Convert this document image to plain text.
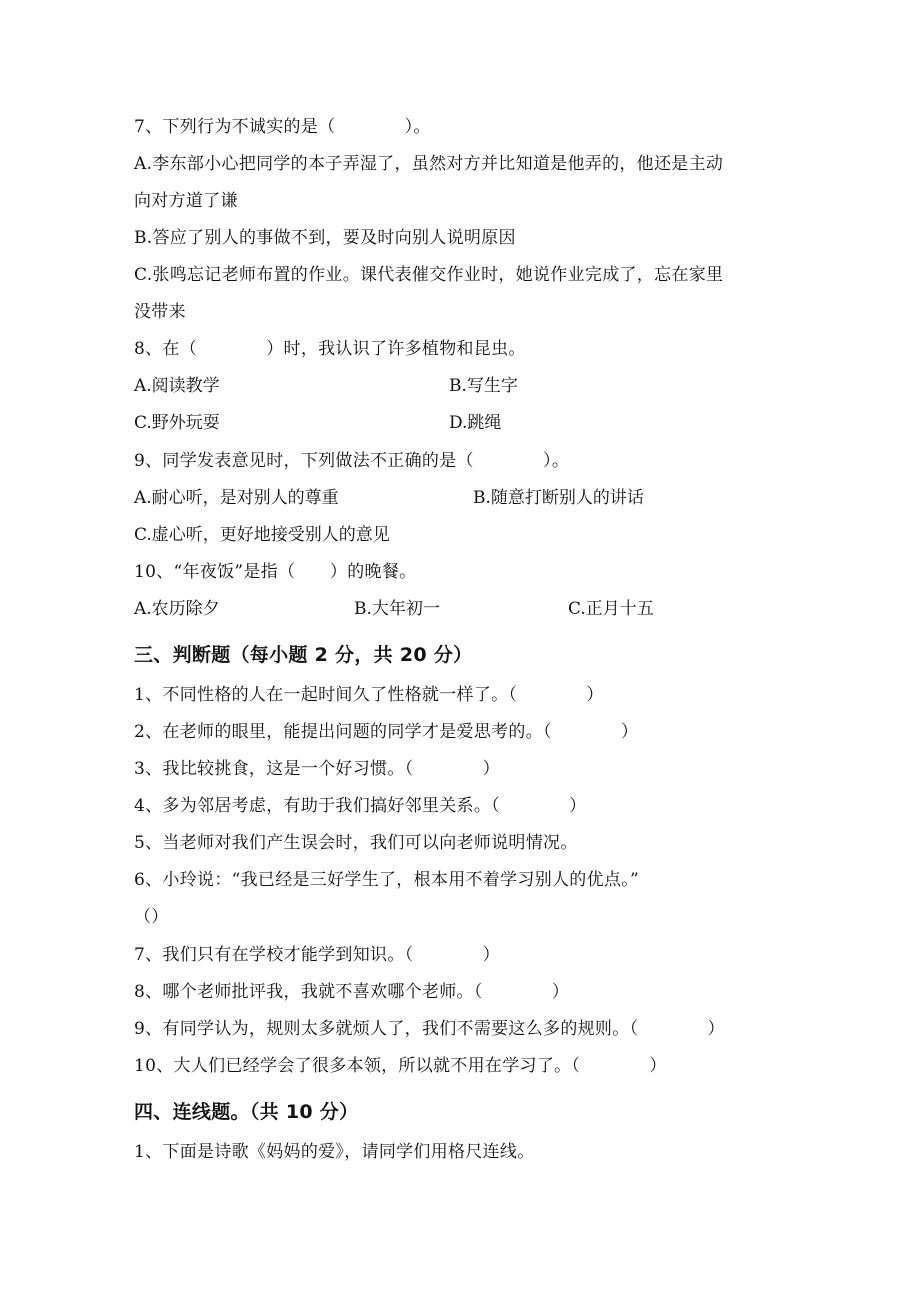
7、下列行为不诚实的是（　　　　）。
A.李东部小心把同学的本子弄湿了，虽然对方并比知道是他弄的，他还是主动
向对方道了谦
B.答应了别人的事做不到，要及时向别人说明原因
C.张鸣忘记老师布置的作业。课代表催交作业时，她说作业完成了，忘在家里
没带来
8、在（　　　　）时，我认识了许多植物和昆虫。
A.阅读教学	B.写生字
C.野外玩耍	D.跳绳
9、同学发表意见时，下列做法不正确的是（　　　　）。
A.耐心听，是对别人的尊重	B.随意打断别人的讲话
C.虚心听，更好地接受别人的意见
10、“年夜饭”是指（　　）的晚餐。
A.农历除夕	B.大年初一	C.正月十五
三、判断题（每小题 2 分，共 20 分）
1、不同性格的人在一起时间久了性格就一样了。（　　　　）
2、在老师的眼里，能提出问题的同学才是爱思考的。（　　　　）
3、我比较挑食，这是一个好习惯。（　　　　）
4、多为邻居考虑，有助于我们搞好邻里关系。（　　　　）
5、当老师对我们产生误会时，我们可以向老师说明情况。
6、小玲说：“我已经是三好学生了，根本用不着学习别人的优点。”
（）
7、我们只有在学校才能学到知识。（　　　　）
8、哪个老师批评我，我就不喜欢哪个老师。（　　　　）
9、有同学认为，规则太多就烦人了，我们不需要这么多的规则。（　　　　）
10、大人们已经学会了很多本领，所以就不用在学习了。（　　　　）
四、连线题。（共 10 分）
1、下面是诗歌《妈妈的爱》，请同学们用格尺连线。
